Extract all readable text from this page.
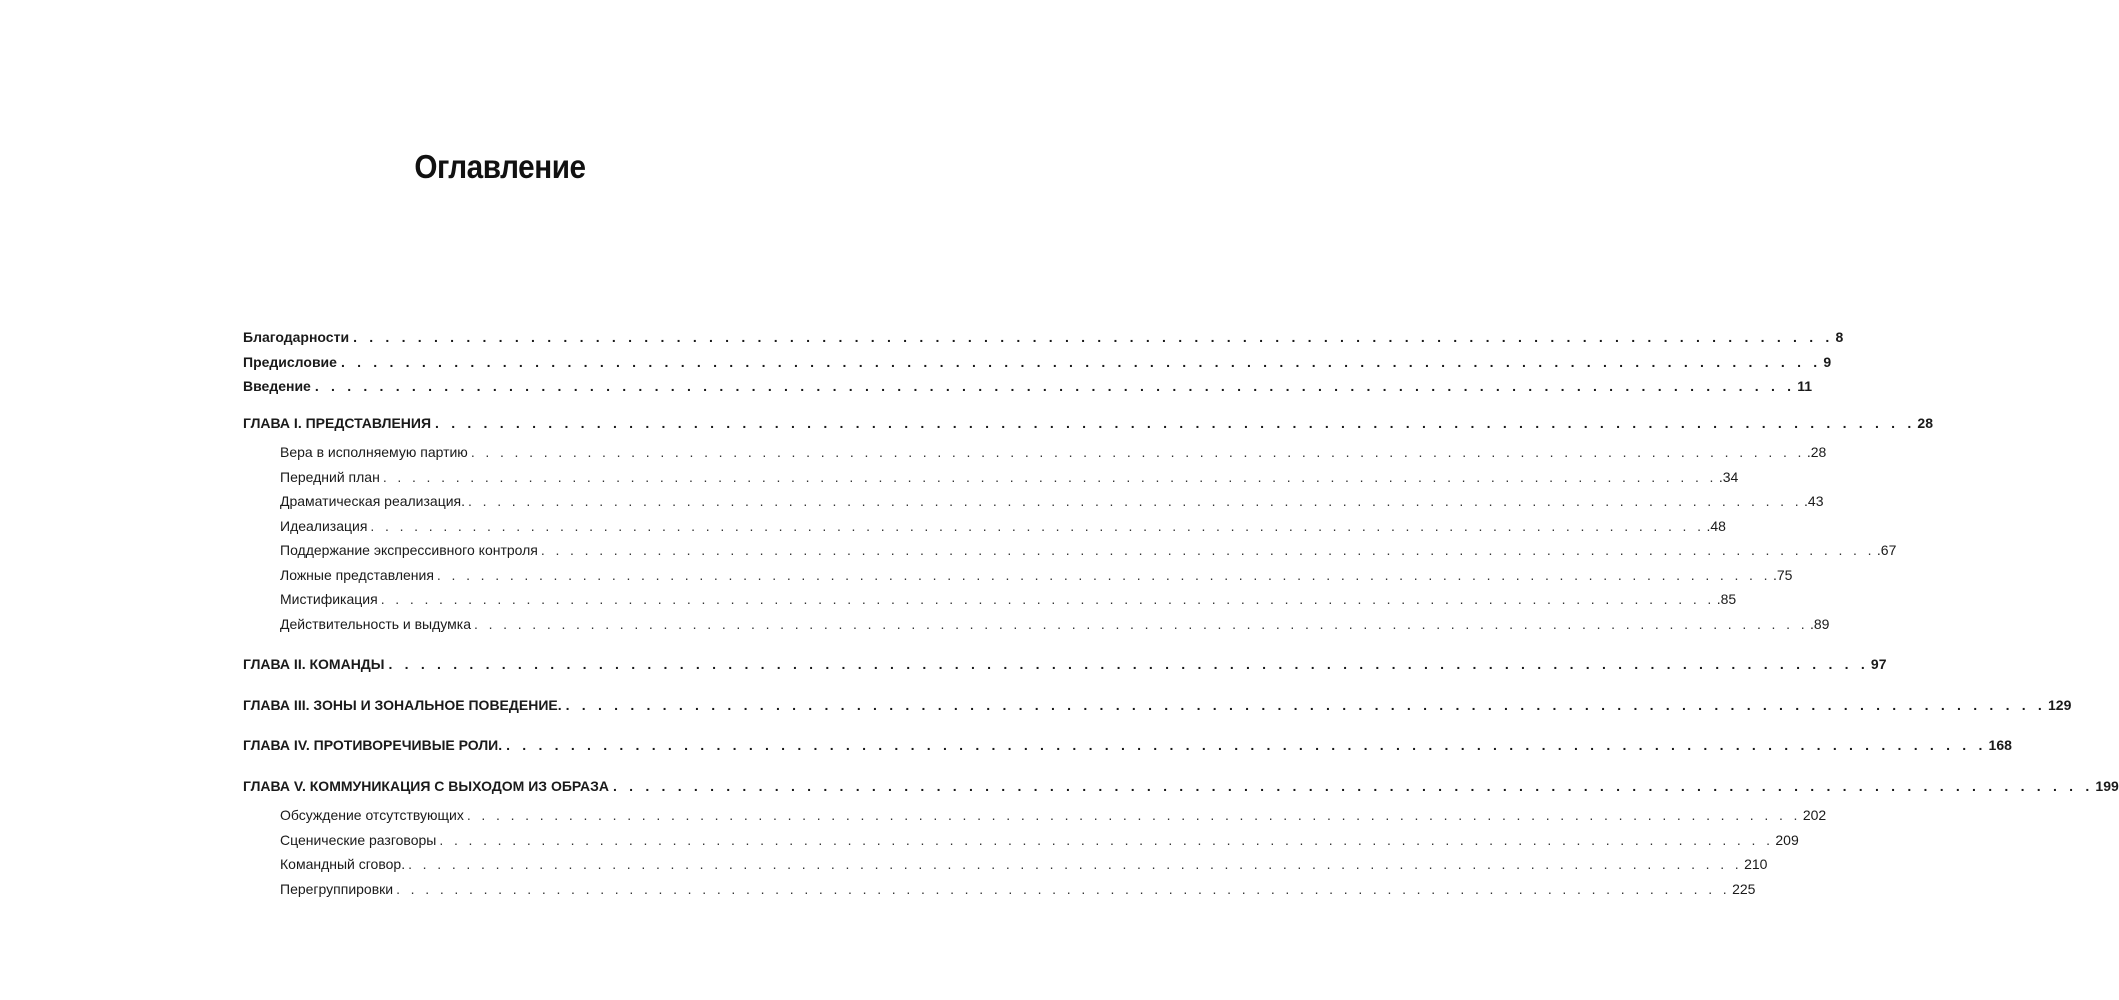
Оглавление
Благодарности . . . . . . . . . . . . . . . . . . . . . . . . . . . . . . . . . . . . . . . . . . . . . . . . . . . . . . . . . . . . . . . . . . . . . . . . . . . . . . . . . . . . . . . . . . . . 8
Предисловие . . . . . . . . . . . . . . . . . . . . . . . . . . . . . . . . . . . . . . . . . . . . . . . . . . . . . . . . . . . . . . . . . . . . . . . . . . . . . . . . . . . . . . . . . . . . 9
Введение . . . . . . . . . . . . . . . . . . . . . . . . . . . . . . . . . . . . . . . . . . . . . . . . . . . . . . . . . . . . . . . . . . . . . . . . . . . . . . . . . . . . . . . . . . . . 11
ГЛАВА I. ПРЕДСТАВЛЕНИЯ . . . . . . . . . . . . . . . . . . . . . . . . . . . . . . . . . . . . . . . . . . . . . . . . . . . . . . . . . . . . . . . . . . . . . . . . . . . . . . . . . . . . . . . . . . . . 28
Вера в исполняемую партию . . . . . . . . . . . . . . . . . . . . . . . . . . . . . . . . . . . . . . . . . . . . . . . . . . . . . . . . . . . . . . . . . . . . . . . . . . . . . . . . . . . . . . . . . . . . .28
Передний план . . . . . . . . . . . . . . . . . . . . . . . . . . . . . . . . . . . . . . . . . . . . . . . . . . . . . . . . . . . . . . . . . . . . . . . . . . . . . . . . . . . . . . . . . . . . .34
Драматическая реализация. . . . . . . . . . . . . . . . . . . . . . . . . . . . . . . . . . . . . . . . . . . . . . . . . . . . . . . . . . . . . . . . . . . . . . . . . . . . . . . . . . . . . . . . . . . . . .43
Идеализация . . . . . . . . . . . . . . . . . . . . . . . . . . . . . . . . . . . . . . . . . . . . . . . . . . . . . . . . . . . . . . . . . . . . . . . . . . . . . . . . . . . . . . . . . . . . .48
Поддержание экспрессивного контроля . . . . . . . . . . . . . . . . . . . . . . . . . . . . . . . . . . . . . . . . . . . . . . . . . . . . . . . . . . . . . . . . . . . . . . . . . . . . . . . . . . . . . . . . . . . . .67
Ложные представления . . . . . . . . . . . . . . . . . . . . . . . . . . . . . . . . . . . . . . . . . . . . . . . . . . . . . . . . . . . . . . . . . . . . . . . . . . . . . . . . . . . . . . . . . . . . .75
Мистификация . . . . . . . . . . . . . . . . . . . . . . . . . . . . . . . . . . . . . . . . . . . . . . . . . . . . . . . . . . . . . . . . . . . . . . . . . . . . . . . . . . . . . . . . . . . . .85
Действительность и выдумка . . . . . . . . . . . . . . . . . . . . . . . . . . . . . . . . . . . . . . . . . . . . . . . . . . . . . . . . . . . . . . . . . . . . . . . . . . . . . . . . . . . . . . . . . . . . .89
ГЛАВА II. КОМАНДЫ . . . . . . . . . . . . . . . . . . . . . . . . . . . . . . . . . . . . . . . . . . . . . . . . . . . . . . . . . . . . . . . . . . . . . . . . . . . . . . . . . . . . . . . . . . . . 97
ГЛАВА III. ЗОНЫ И ЗОНАЛЬНОЕ ПОВЕДЕНИЕ. . . . . . . . . . . . . . . . . . . . . . . . . . . . . . . . . . . . . . . . . . . . . . . . . . . . . . . . . . . . . . . . . . . . . . . . . . . . . . . . . . . . . . . . . . . . . 129
ГЛАВА IV. ПРОТИВОРЕЧИВЫЕ РОЛИ. . . . . . . . . . . . . . . . . . . . . . . . . . . . . . . . . . . . . . . . . . . . . . . . . . . . . . . . . . . . . . . . . . . . . . . . . . . . . . . . . . . . . . . . . . . . . 168
ГЛАВА V. КОММУНИКАЦИЯ С ВЫХОДОМ ИЗ ОБРАЗА . . . . . . . . . . . . . . . . . . . . . . . . . . . . . . . . . . . . . . . . . . . . . . . . . . . . . . . . . . . . . . . . . . . . . . . . . . . . . . . . . . . . . . . . . . . . 199
Обсуждение отсутствующих . . . . . . . . . . . . . . . . . . . . . . . . . . . . . . . . . . . . . . . . . . . . . . . . . . . . . . . . . . . . . . . . . . . . . . . . . . . . . . . . . . . . . . . . . . . . 202
Сценические разговоры . . . . . . . . . . . . . . . . . . . . . . . . . . . . . . . . . . . . . . . . . . . . . . . . . . . . . . . . . . . . . . . . . . . . . . . . . . . . . . . . . . . . . . . . . . . . 209
Командный сговор. . . . . . . . . . . . . . . . . . . . . . . . . . . . . . . . . . . . . . . . . . . . . . . . . . . . . . . . . . . . . . . . . . . . . . . . . . . . . . . . . . . . . . . . . . . . . 210
Перегруппировки . . . . . . . . . . . . . . . . . . . . . . . . . . . . . . . . . . . . . . . . . . . . . . . . . . . . . . . . . . . . . . . . . . . . . . . . . . . . . . . . . . . . . . . . . . . . 225
